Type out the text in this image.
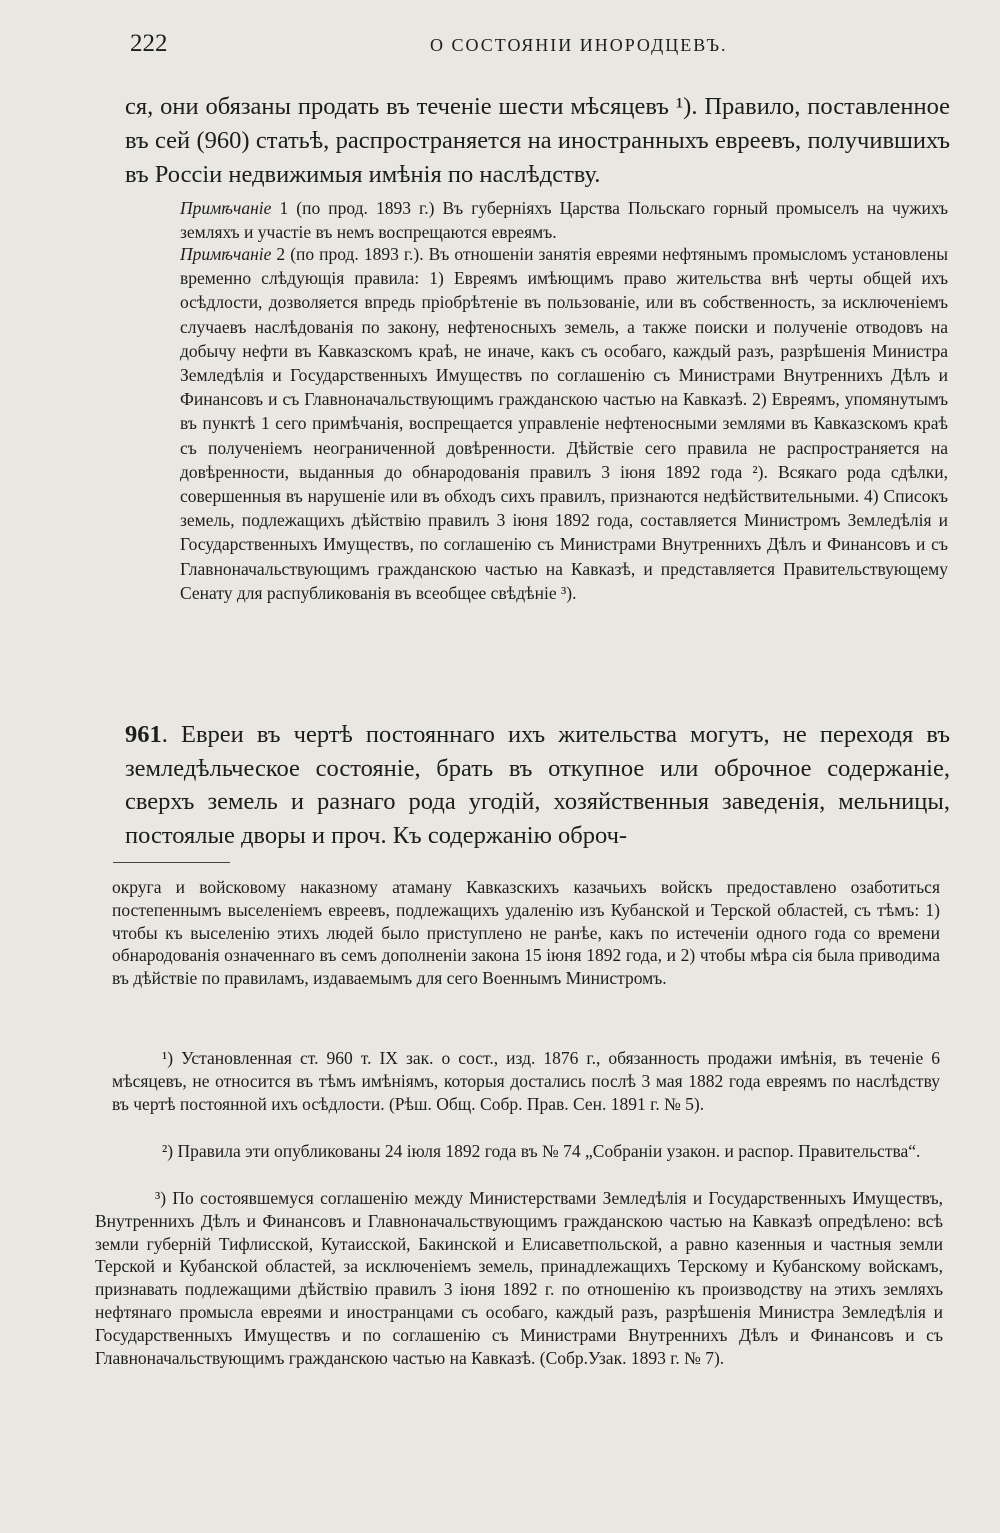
222	О СОСТОЯНІИ ИНОРОДЦЕВЪ.
ся, они обязаны продать въ теченіе шести мѣсяцевъ ¹). Правило, поставленное въ сей (960) статьѣ, распространяется на иностранныхъ евреевъ, получившихъ въ Россіи недвижимыя имѣнія по наслѣдству.
Примѣчаніе 1 (по прод. 1893 г.) Въ губерніяхъ Царства Польскаго горный промыселъ на чужихъ земляхъ и участіе въ немъ воспрещаются евреямъ.
Примѣчаніе 2 (по прод. 1893 г.). Въ отношеніи занятія евреями нефтянымъ промысломъ установлены временно слѣдующія правила: 1) Евреямъ имѣющимъ право жительства внѣ черты общей ихъ осѣдлости, дозволяется впредь пріобрѣтеніе въ пользованіе, или въ собственность, за исключеніемъ случаевъ наслѣдованія по закону, нефтеносныхъ земель, а также поиски и полученіе отводовъ на добычу нефти въ Кавказскомъ краѣ, не иначе, какъ съ особаго, каждый разъ, разрѣшенія Министра Земледѣлія и Государственныхъ Имуществъ по соглашенію съ Министрами Внутреннихъ Дѣлъ и Финансовъ и съ Главноначальствующимъ гражданскою частью на Кавказѣ. 2) Евреямъ, упомянутымъ въ пунктѣ 1 сего примѣчанія, воспрещается управленіе нефтеносными землями въ Кавказскомъ краѣ съ полученіемъ неограниченной довѣренности. Дѣйствіе сего правила не распространяется на довѣренности, выданныя до обнародованія правилъ 3 іюня 1892 года ²). Всякаго рода сдѣлки, совершенныя въ нарушеніе или въ обходъ сихъ правилъ, признаются недѣйствительными. 4) Списокъ земель, подлежащихъ дѣйствію правилъ 3 іюня 1892 года, составляется Министромъ Земледѣлія и Государственныхъ Имуществъ, по соглашенію съ Министрами Внутреннихъ Дѣлъ и Финансовъ и съ Главноначальствующимъ гражданскою частью на Кавказѣ, и представляется Правительствующему Сенату для распубликованія въ всеобщее свѣдѣніе ³).
961. Евреи въ чертѣ постояннаго ихъ жительства могутъ, не переходя въ земледѣльческое состояніе, брать въ откупное или оброчное содержаніе, сверхъ земель и разнаго рода угодій, хозяйственныя заведенія, мельницы, постоялые дворы и проч. Къ содержанію оброч-
округа и войсковому наказному атаману Кавказскихъ казачьихъ войскъ предоставлено озаботиться постепеннымъ выселеніемъ евреевъ, подлежащихъ удаленію изъ Кубанской и Терской областей, съ тѣмъ: 1) чтобы къ выселенію этихъ людей было приступлено не ранѣе, какъ по истеченіи одного года со времени обнародованія означеннаго въ семъ дополненіи закона 15 іюня 1892 года, и 2) чтобы мѣра сія была приводима въ дѣйствіе по правиламъ, издаваемымъ для сего Военнымъ Министромъ.
¹) Установленная ст. 960 т. IX зак. о сост., изд. 1876 г., обязанность продажи имѣнія, въ теченіе 6 мѣсяцевъ, не относится въ тѣмъ имѣніямъ, которыя достались послѣ 3 мая 1882 года евреямъ по наслѣдству въ чертѣ постоянной ихъ осѣдлости. (Рѣш. Общ. Собр. Прав. Сен. 1891 г. № 5).
²) Правила эти опубликованы 24 іюля 1892 года въ № 74 „Собраніи узакон. и распор. Правительства“.
³) По состоявшемуся соглашенію между Министерствами Земледѣлія и Государственныхъ Имуществъ, Внутреннихъ Дѣлъ и Финансовъ и Главноначальствующимъ гражданскою частью на Кавказѣ опредѣлено: всѣ земли губерній Тифлисской, Кутаисской, Бакинской и Елисаветпольской, а равно казенныя и частныя земли Терской и Кубанской областей, за исключеніемъ земель, принадлежащихъ Терскому и Кубанскому войскамъ, признавать подлежащими дѣйствію правилъ 3 іюня 1892 г. по отношенію къ производству на этихъ земляхъ нефтянаго промысла евреями и иностранцами съ особаго, каждый разъ, разрѣшенія Министра Земледѣлія и Государственныхъ Имуществъ и по соглашенію съ Министрами Внутреннихъ Дѣлъ и Финансовъ и съ Главноначальствующимъ гражданскою частью на Кавказѣ. (Собр.Узак. 1893 г. № 7).
